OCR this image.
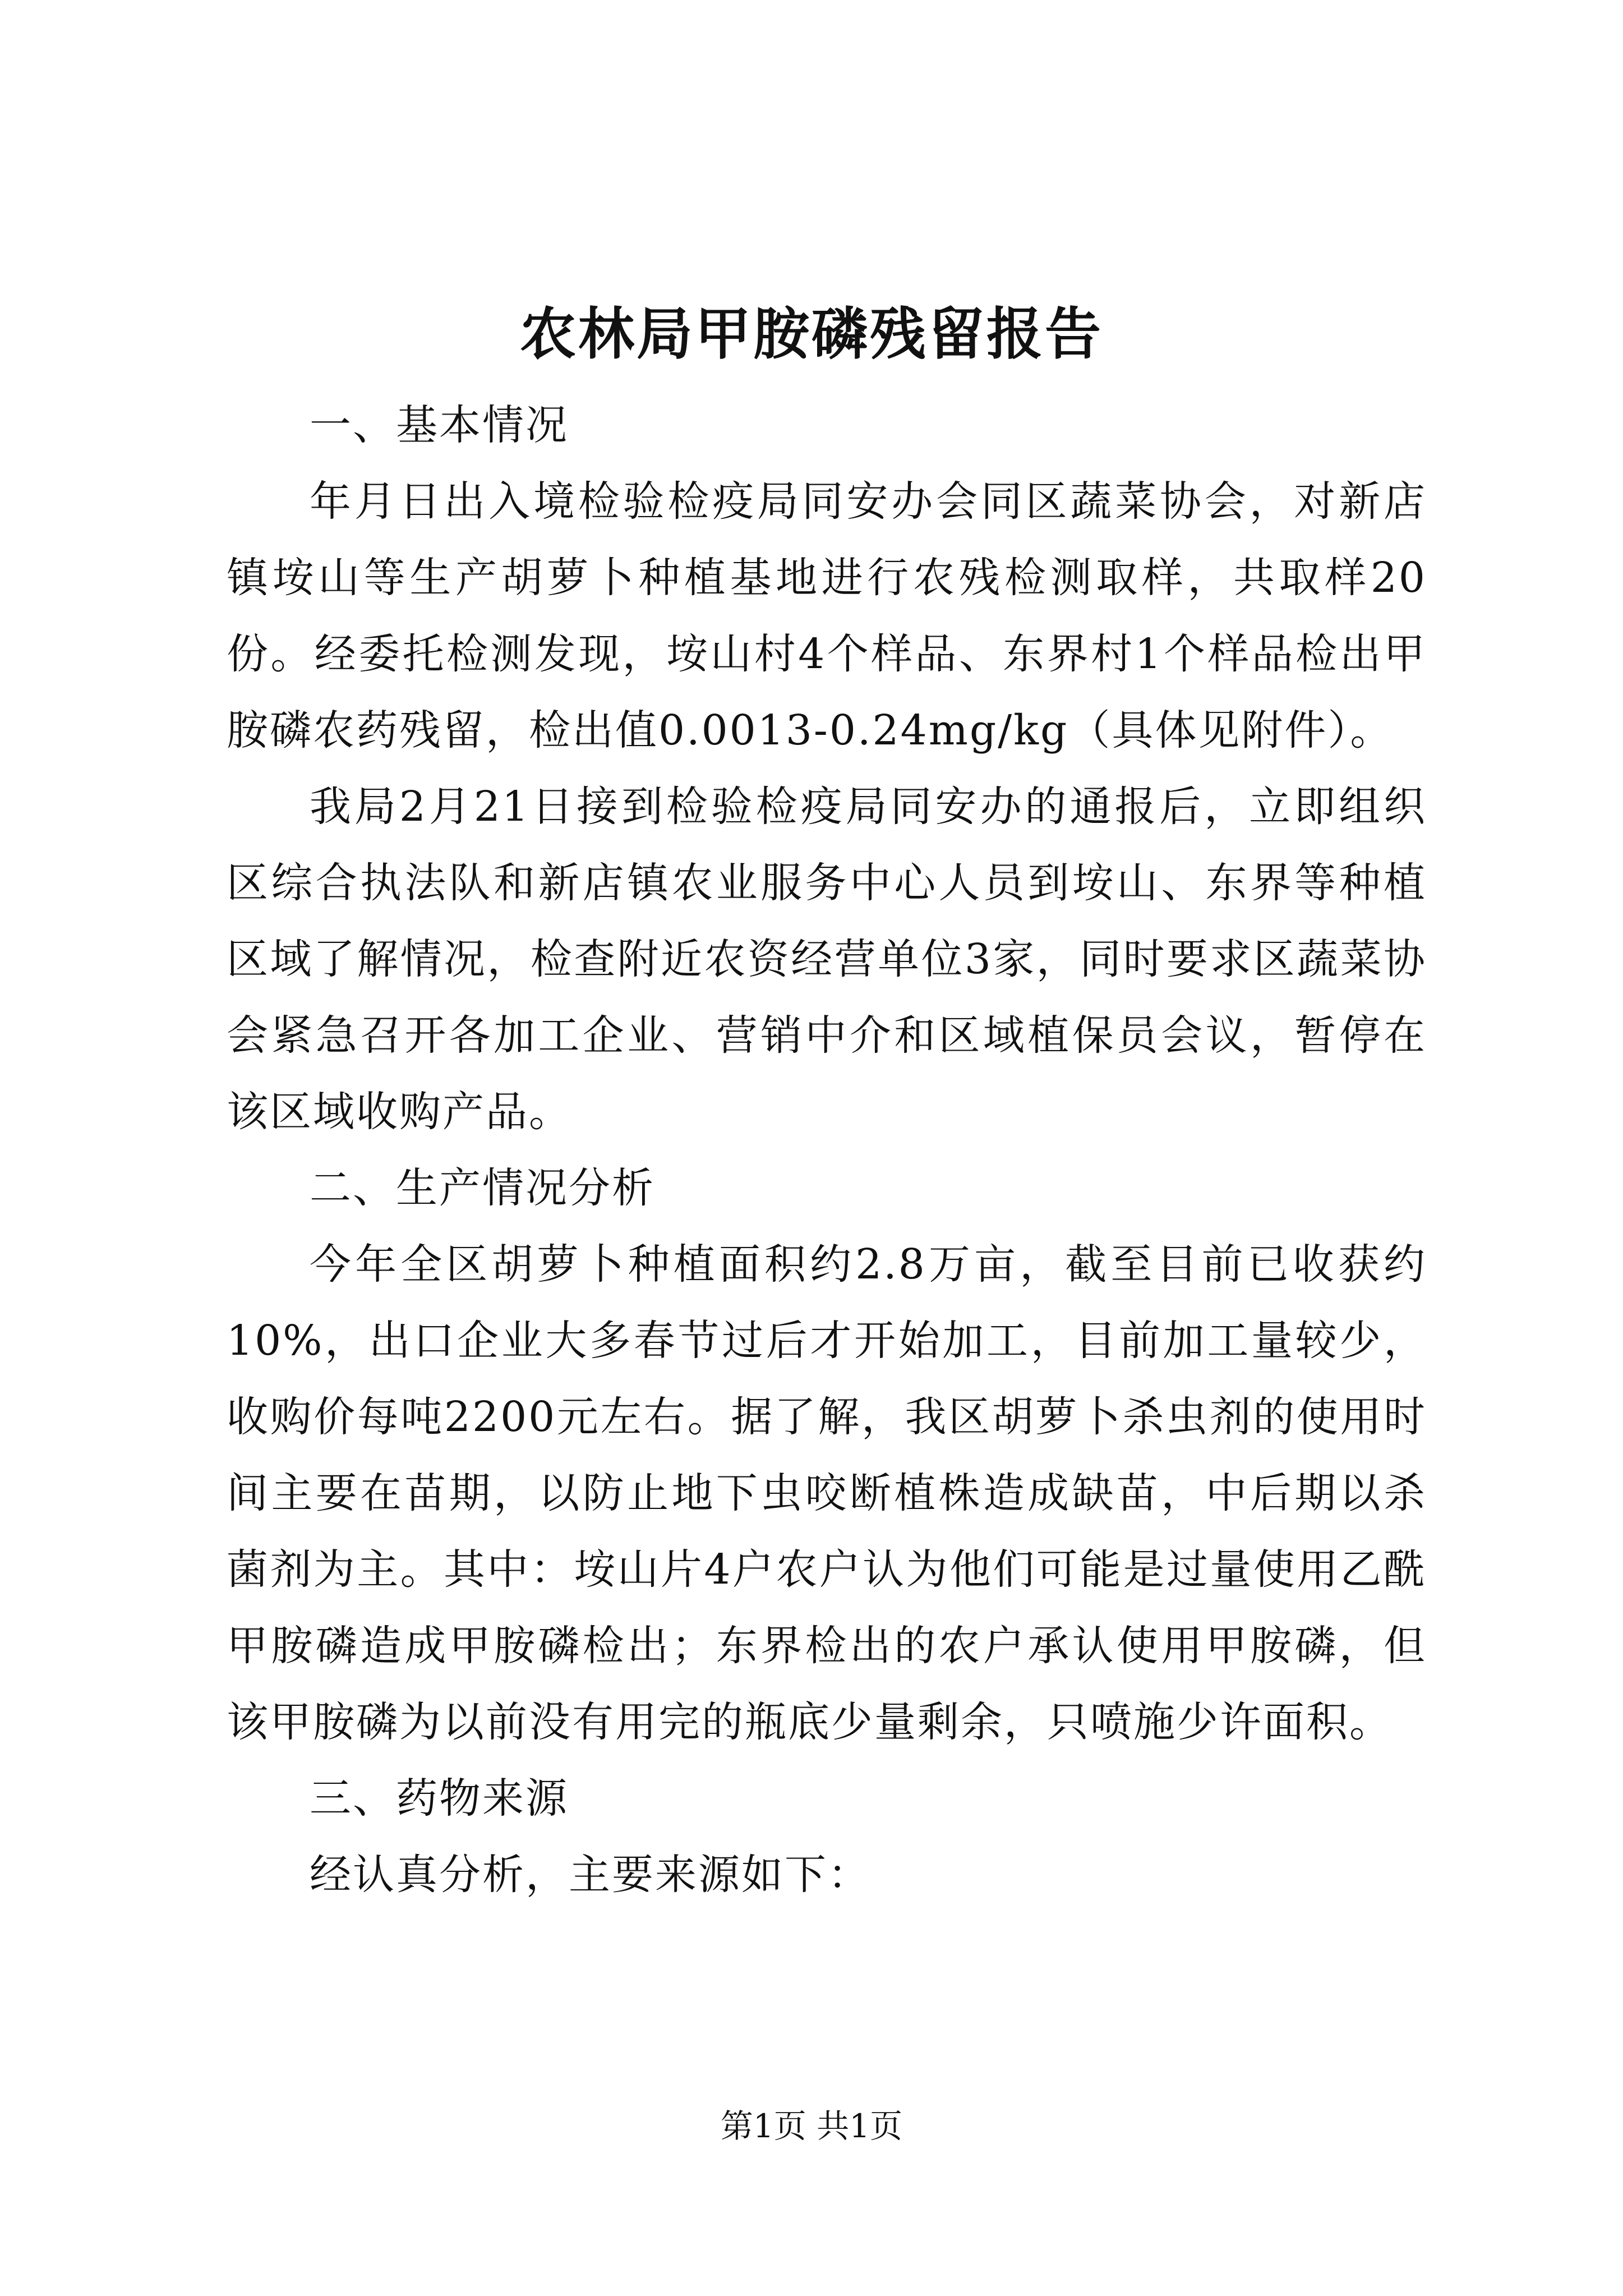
农林局甲胺磷残留报告

一、基本情况

年月日出入境检验检疫局同安办会同区蔬菜协会，对新店镇垵山等生产胡萝卜种植基地进行农残检测取样，共取样20份。经委托检测发现，垵山村4个样品、东界村1个样品检出甲胺磷农药残留，检出值0.0013-0.24mg/kg（具体见附件）。

我局2月21日接到检验检疫局同安办的通报后，立即组织区综合执法队和新店镇农业服务中心人员到垵山、东界等种植区域了解情况，检查附近农资经营单位3家，同时要求区蔬菜协会紧急召开各加工企业、营销中介和区域植保员会议，暂停在该区域收购产品。

二、生产情况分析

今年全区胡萝卜种植面积约2.8万亩，截至目前已收获约10%，出口企业大多春节过后才开始加工，目前加工量较少，收购价每吨2200元左右。据了解，我区胡萝卜杀虫剂的使用时间主要在苗期，以防止地下虫咬断植株造成缺苗，中后期以杀菌剂为主。其中：垵山片4户农户认为他们可能是过量使用乙酰甲胺磷造成甲胺磷检出；东界检出的农户承认使用甲胺磷，但该甲胺磷为以前没有用完的瓶底少量剩余，只喷施少许面积。

三、药物来源

经认真分析，主要来源如下：

第1页 共1页
